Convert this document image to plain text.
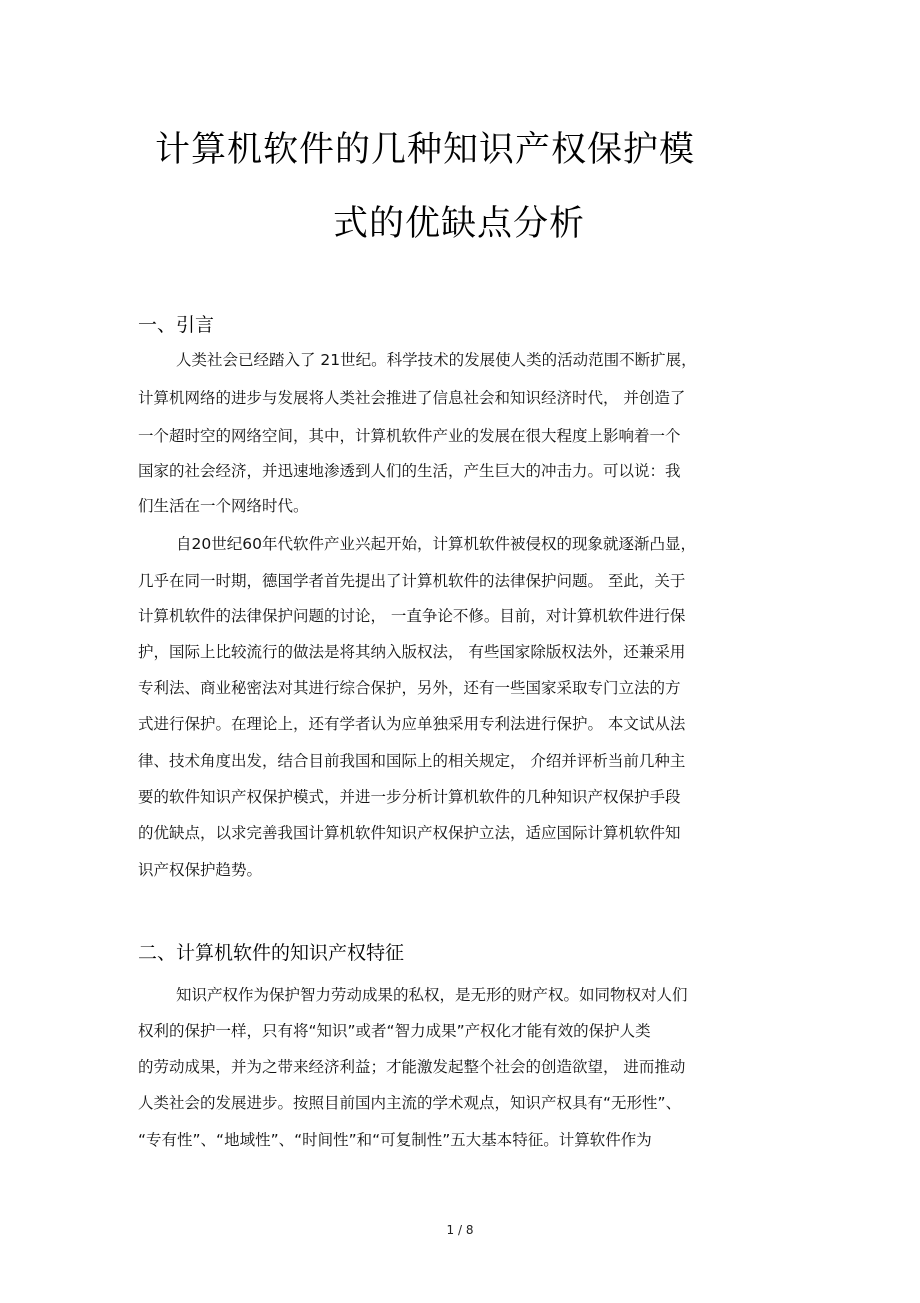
计算机软件的几种知识产权保护模
式的优缺点分析
一、引言
人类社会已经踏入了 21世纪。科学技术的发展使人类的活动范围不断扩展，
计算机网络的进步与发展将人类社会推进了信息社会和知识经济时代， 并创造了
一个超时空的网络空间，其中，计算机软件产业的发展在很大程度上影响着一个
国家的社会经济，并迅速地渗透到人们的生活，产生巨大的冲击力。可以说：我
们生活在一个网络时代。
自20世纪60年代软件产业兴起开始，计算机软件被侵权的现象就逐渐凸显，
几乎在同一时期，德国学者首先提出了计算机软件的法律保护问题。 至此，关于
计算机软件的法律保护问题的讨论， 一直争论不修。目前，对计算机软件进行保
护，国际上比较流行的做法是将其纳入版权法， 有些国家除版权法外，还兼采用
专利法、商业秘密法对其进行综合保护，另外，还有一些国家采取专门立法的方
式进行保护。在理论上，还有学者认为应单独采用专利法进行保护。 本文试从法
律、技术角度出发，结合目前我国和国际上的相关规定， 介绍并评析当前几种主
要的软件知识产权保护模式，并进一步分析计算机软件的几种知识产权保护手段
的优缺点，以求完善我国计算机软件知识产权保护立法，适应国际计算机软件知
识产权保护趋势。
二、计算机软件的知识产权特征
知识产权作为保护智力劳动成果的私权，是无形的财产权。如同物权对人们
权利的保护一样，只有将“知识”或者“智力成果”产权化才能有效的保护人类
的劳动成果，并为之带来经济利益；才能激发起整个社会的创造欲望， 进而推动
人类社会的发展进步。按照目前国内主流的学术观点，知识产权具有“无形性”、
“专有性”、“地域性”、“时间性”和“可复制性”五大基本特征。计算软件作为
1 / 8
